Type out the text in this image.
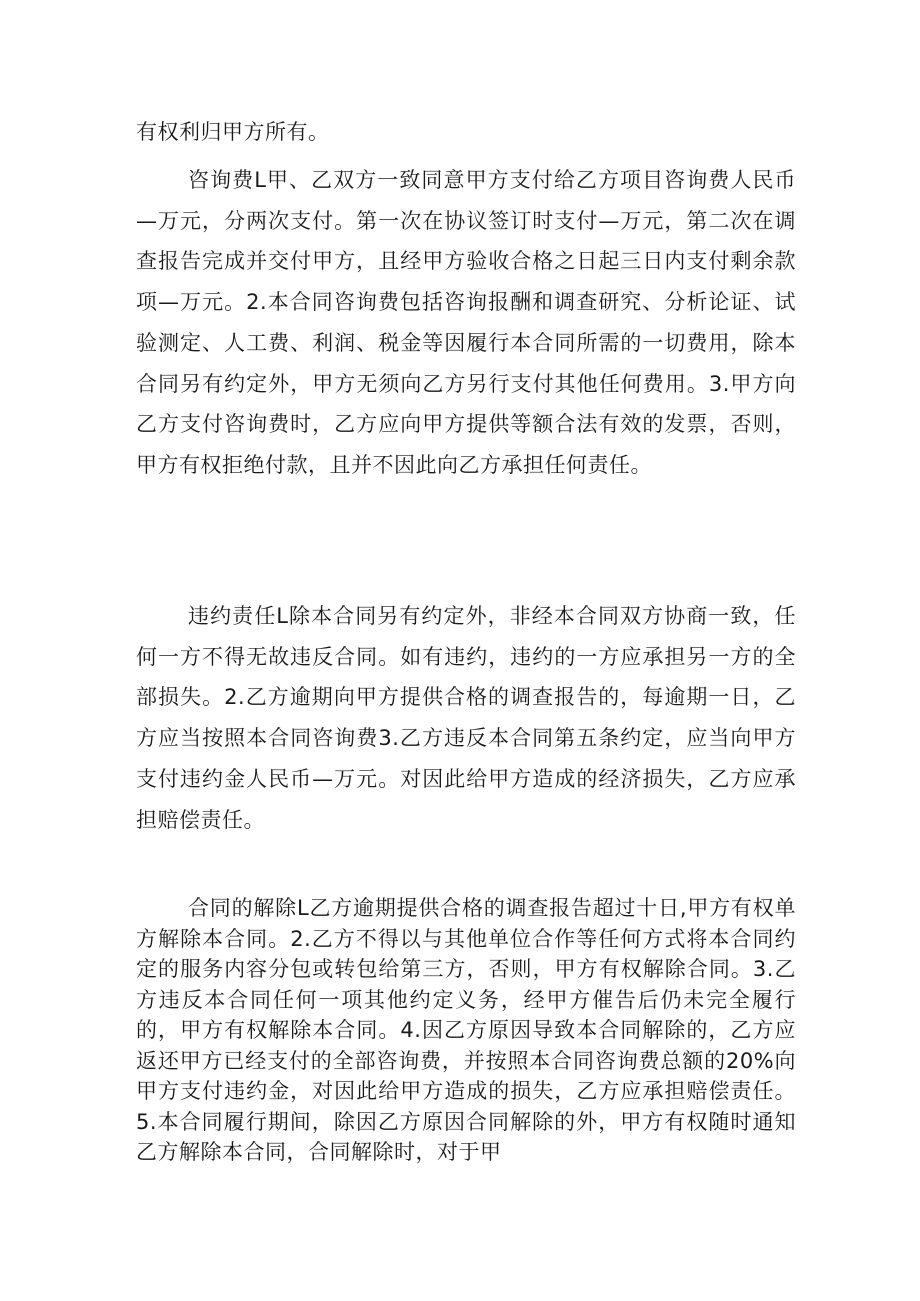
有权利归甲方所有。

咨询费L甲、乙双方一致同意甲方支付给乙方项目咨询费人民币—万元，分两次支付。第一次在协议签订时支付—万元，第二次在调查报告完成并交付甲方，且经甲方验收合格之日起三日内支付剩余款项—万元。2.本合同咨询费包括咨询报酬和调查研究、分析论证、试验测定、人工费、利润、税金等因履行本合同所需的一切费用，除本合同另有约定外，甲方无须向乙方另行支付其他任何费用。3.甲方向乙方支付咨询费时，乙方应向甲方提供等额合法有效的发票，否则，甲方有权拒绝付款，且并不因此向乙方承担任何责任。

违约责任L除本合同另有约定外，非经本合同双方协商一致，任何一方不得无故违反合同。如有违约，违约的一方应承担另一方的全部损失。2.乙方逾期向甲方提供合格的调查报告的，每逾期一日，乙方应当按照本合同咨询费3.乙方违反本合同第五条约定，应当向甲方支付违约金人民币—万元。对因此给甲方造成的经济损失，乙方应承担赔偿责任。

合同的解除L乙方逾期提供合格的调查报告超过十日,甲方有权单方解除本合同。2.乙方不得以与其他单位合作等任何方式将本合同约定的服务内容分包或转包给第三方，否则，甲方有权解除合同。3.乙方违反本合同任何一项其他约定义务，经甲方催告后仍未完全履行的，甲方有权解除本合同。4.因乙方原因导致本合同解除的，乙方应返还甲方已经支付的全部咨询费，并按照本合同咨询费总额的20%向甲方支付违约金，对因此给甲方造成的损失，乙方应承担赔偿责任。5.本合同履行期间，除因乙方原因合同解除的外，甲方有权随时通知乙方解除本合同，合同解除时，对于甲
